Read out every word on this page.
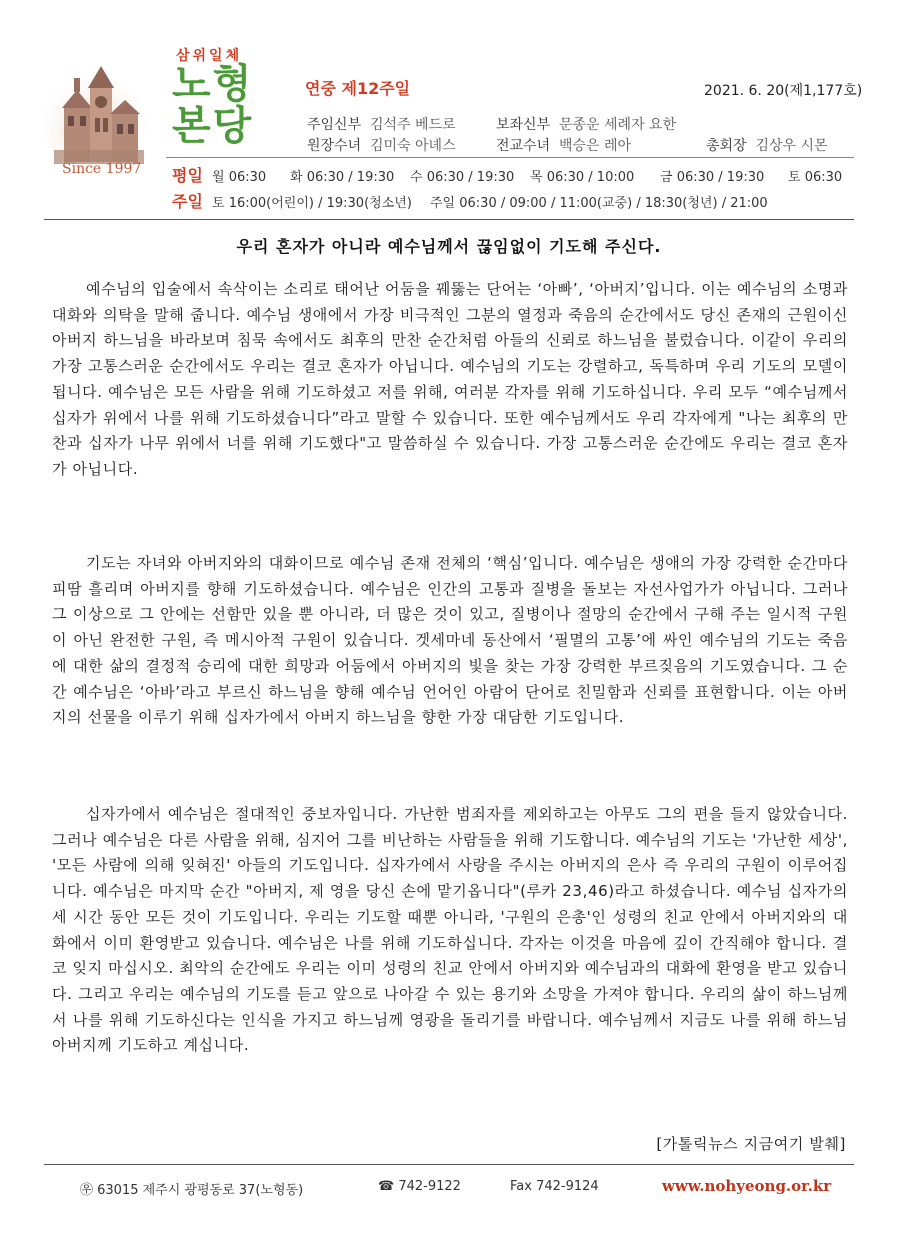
Since 1997
삼위일체
노형
본당
연중 제12주일	2021. 6. 20(제1,177호)
주임신부 김석주 베드로	보좌신부 문종운 세례자 요한
원장수녀 김미숙 아녜스	전교수녀 백승은 레아	총회장 김상우 시몬
평일 월 06:30 화 06:30 / 19:30 수 06:30 / 19:30 목 06:30 / 10:00 금 06:30 / 19:30 토 06:30
주일 토 16:00(어린이) / 19:30(청소년) 주일 06:30 / 09:00 / 11:00(교중) / 18:30(청년) / 21:00
우리 혼자가 아니라 예수님께서 끊임없이 기도해 주신다.
예수님의 입술에서 속삭이는 소리로 태어난 어둠을 꿰뚫는 단어는 ‘아빠’, ‘아버지’입니다. 이는 예수님의 소명과 대화와 의탁을 말해 줍니다. 예수님 생애에서 가장 비극적인 그분의 열정과 죽음의 순간에서도 당신 존재의 근원이신 아버지 하느님을 바라보며 침묵 속에서도 최후의 만찬 순간처럼 아들의 신뢰로 하느님을 불렀습니다. 이같이 우리의 가장 고통스러운 순간에서도 우리는 결코 혼자가 아닙니다. 예수님의 기도는 강렬하고, 독특하며 우리 기도의 모델이 됩니다. 예수님은 모든 사람을 위해 기도하셨고 저를 위해, 여러분 각자를 위해 기도하십니다. 우리 모두 “예수님께서 십자가 위에서 나를 위해 기도하셨습니다”라고 말할 수 있습니다. 또한 예수님께서도 우리 각자에게 "나는 최후의 만찬과 십자가 나무 위에서 너를 위해 기도했다"고 말씀하실 수 있습니다. 가장 고통스러운 순간에도 우리는 결코 혼자가 아닙니다.
기도는 자녀와 아버지와의 대화이므로 예수님 존재 전체의 ‘핵심’입니다. 예수님은 생애의 가장 강력한 순간마다 피땀 흘리며 아버지를 향해 기도하셨습니다. 예수님은 인간의 고통과 질병을 돌보는 자선사업가가 아닙니다. 그러나 그 이상으로 그 안에는 선함만 있을 뿐 아니라, 더 많은 것이 있고, 질병이나 절망의 순간에서 구해 주는 일시적 구원이 아닌 완전한 구원, 즉 메시아적 구원이 있습니다. 겟세마네 동산에서 ‘필멸의 고통’에 싸인 예수님의 기도는 죽음에 대한 삶의 결정적 승리에 대한 희망과 어둠에서 아버지의 빛을 찾는 가장 강력한 부르짖음의 기도였습니다. 그 순간 예수님은 ‘아바’라고 부르신 하느님을 향해 예수님 언어인 아람어 단어로 친밀함과 신뢰를 표현합니다. 이는 아버지의 선물을 이루기 위해 십자가에서 아버지 하느님을 향한 가장 대담한 기도입니다.
십자가에서 예수님은 절대적인 중보자입니다. 가난한 범죄자를 제외하고는 아무도 그의 편을 들지 않았습니다. 그러나 예수님은 다른 사람을 위해, 심지어 그를 비난하는 사람들을 위해 기도합니다. 예수님의 기도는 '가난한 세상', '모든 사람에 의해 잊혀진' 아들의 기도입니다. 십자가에서 사랑을 주시는 아버지의 은사 즉 우리의 구원이 이루어집니다. 예수님은 마지막 순간 "아버지, 제 영을 당신 손에 맡기옵니다"(루카 23,46)라고 하셨습니다. 예수님 십자가의 세 시간 동안 모든 것이 기도입니다. 우리는 기도할 때뿐 아니라, '구원의 은총'인 성령의 친교 안에서 아버지와의 대화에서 이미 환영받고 있습니다. 예수님은 나를 위해 기도하십니다. 각자는 이것을 마음에 깊이 간직해야 합니다. 결코 잊지 마십시오. 최악의 순간에도 우리는 이미 성령의 친교 안에서 아버지와 예수님과의 대화에 환영을 받고 있습니다. 그리고 우리는 예수님의 기도를 듣고 앞으로 나아갈 수 있는 용기와 소망을 가져야 합니다. 우리의 삶이 하느님께서 나를 위해 기도하신다는 인식을 가지고 하느님께 영광을 돌리기를 바랍니다. 예수님께서 지금도 나를 위해 하느님 아버지께 기도하고 계십니다.
[가톨릭뉴스 지금여기 발췌]
㉾ 63015 제주시 광평동로 37(노형동)	☎ 742-9122	Fax 742-9124	www.nohyeong.or.kr
